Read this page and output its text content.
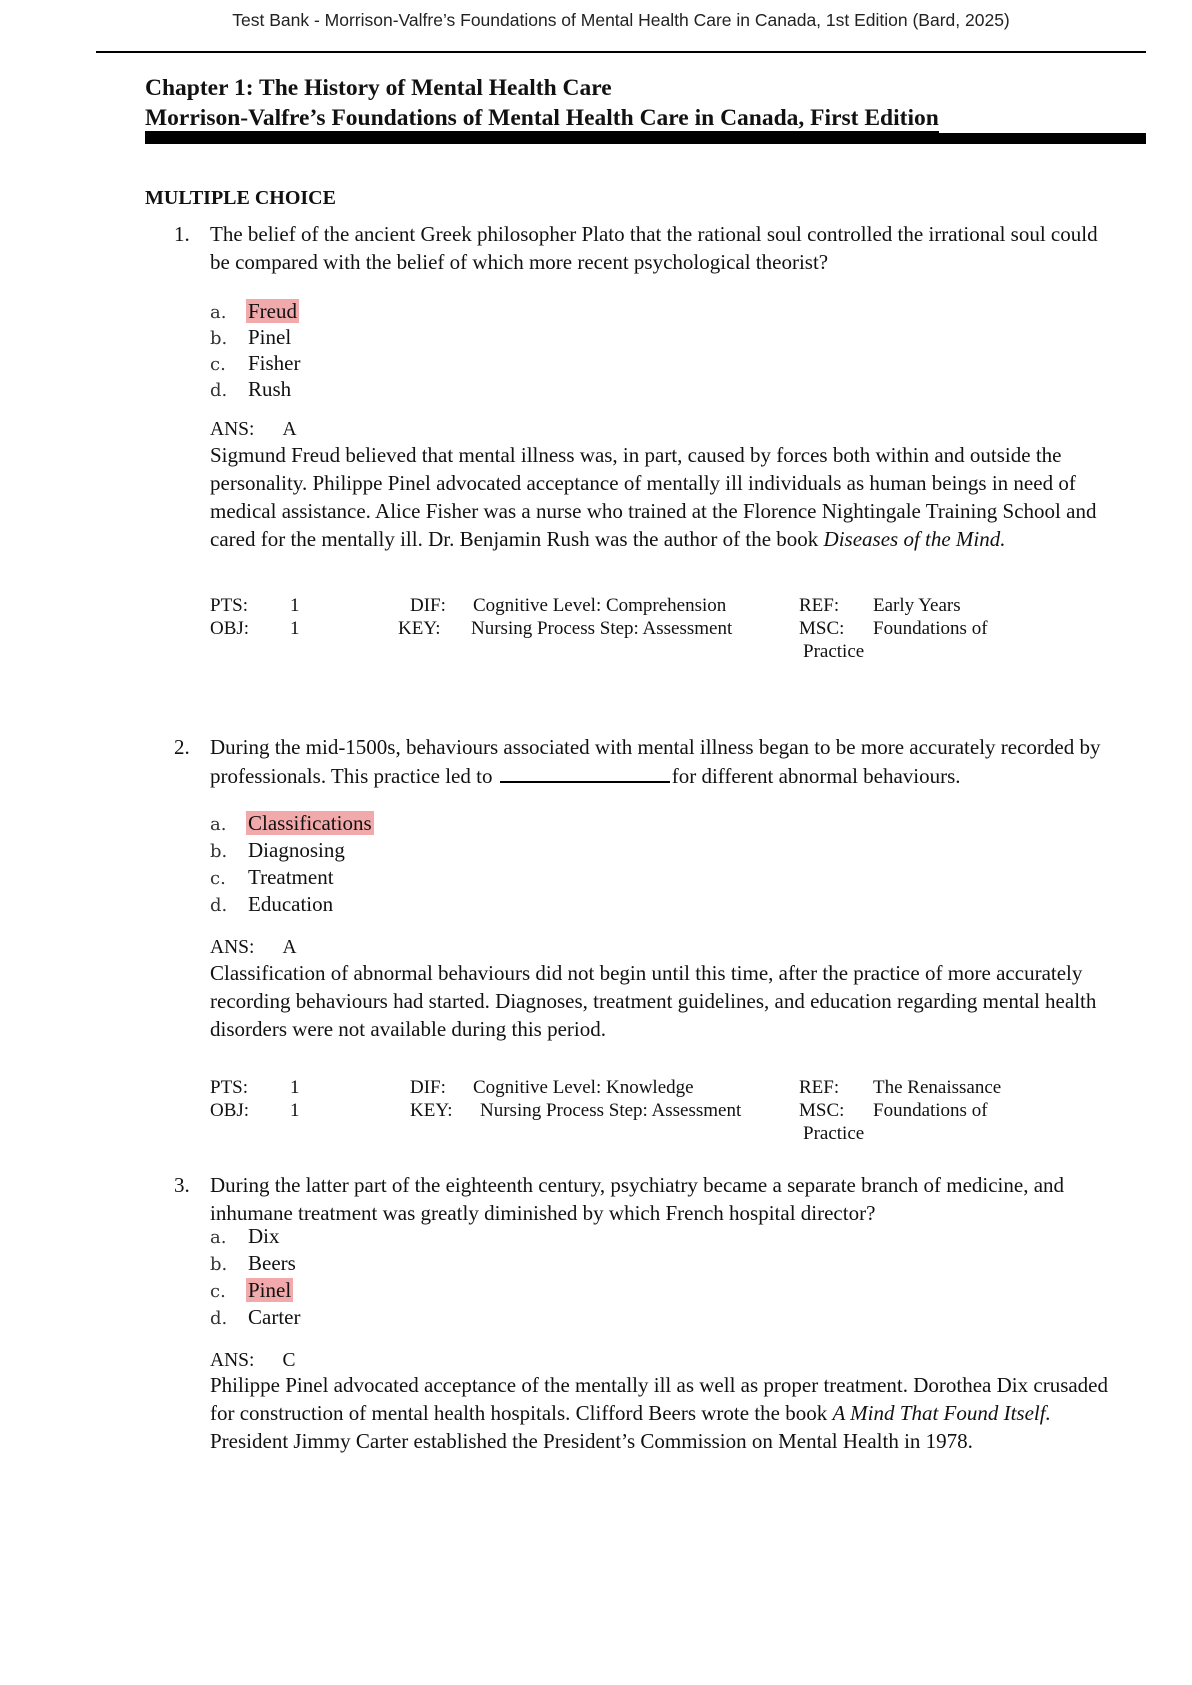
Test Bank - Morrison-Valfre’s Foundations of Mental Health Care in Canada, 1st Edition (Bard, 2025)
Chapter 1: The History of Mental Health Care
Morrison-Valfre’s Foundations of Mental Health Care in Canada, First Edition
MULTIPLE CHOICE
1. The belief of the ancient Greek philosopher Plato that the rational soul controlled the irrational soul could be compared with the belief of which more recent psychological theorist?
a. Freud
b. Pinel
c. Fisher
d. Rush
ANS: A
Sigmund Freud believed that mental illness was, in part, caused by forces both within and outside the personality. Philippe Pinel advocated acceptance of mentally ill individuals as human beings in need of medical assistance. Alice Fisher was a nurse who trained at the Florence Nightingale Training School and cared for the mentally ill. Dr. Benjamin Rush was the author of the book Diseases of the Mind.
PTS: 1	DIF: Cognitive Level: Comprehension	REF: Early Years
OBJ: 1	KEY: Nursing Process Step: Assessment	MSC: Foundations of
Practice
2. During the mid-1500s, behaviours associated with mental illness began to be more accurately recorded by professionals. This practice led to	for different abnormal behaviours.
a. Classifications
b. Diagnosing
c. Treatment
d. Education
ANS: A
Classification of abnormal behaviours did not begin until this time, after the practice of more accurately recording behaviours had started. Diagnoses, treatment guidelines, and education regarding mental health disorders were not available during this period.
PTS: 1	DIF: Cognitive Level: Knowledge	REF: The Renaissance
OBJ: 1	KEY: Nursing Process Step: Assessment	MSC: Foundations of
Practice
3. During the latter part of the eighteenth century, psychiatry became a separate branch of medicine, and inhumane treatment was greatly diminished by which French hospital director?
a. Dix
b. Beers
c. Pinel
d. Carter
ANS: C
Philippe Pinel advocated acceptance of the mentally ill as well as proper treatment. Dorothea Dix crusaded for construction of mental health hospitals. Clifford Beers wrote the book A Mind That Found Itself. President Jimmy Carter established the President’s Commission on Mental Health in 1978.
